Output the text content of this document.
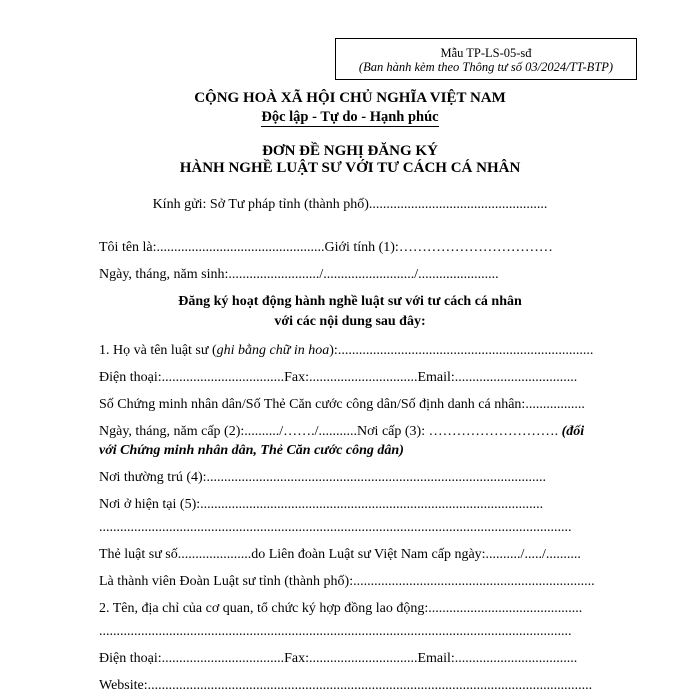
Mẫu TP-LS-05-sđ
(Ban hành kèm theo Thông tư số 03/2024/TT-BTP)
CỘNG HOÀ XÃ HỘI CHỦ NGHĨA VIỆT NAM
Độc lập - Tự do - Hạnh phúc
ĐƠN ĐỀ NGHỊ ĐĂNG KÝ
HÀNH NGHỀ LUẬT SƯ VỚI TƯ CÁCH CÁ NHÂN
Kính gửi: Sở Tư pháp tỉnh (thành phố)...................................................
Tôi tên là:................................................Giới tính (1):……………………………
Ngày, tháng, năm sinh:........................../........................../.......................
Đăng ký hoạt động hành nghề luật sư với tư cách cá nhân
với các nội dung sau đây:
1. Họ và tên luật sư (ghi bằng chữ in hoa):.........................................................................
Điện thoại:...................................Fax:...............................Email:...................................
Số Chứng minh nhân dân/Số Thẻ Căn cước công dân/Số định danh cá nhân:.................
Ngày, tháng, năm cấp (2):........../……./...........Nơi cấp (3): ………………………. (đối
với Chứng minh nhân dân, Thẻ Căn cước công dân)
Nơi thường trú (4):.................................................................................................
Nơi ở hiện tại (5):..................................................................................................
.......................................................................................................................................
Thẻ luật sư số.....................do Liên đoàn Luật sư Việt Nam cấp ngày:........../...../..........
Là thành viên Đoàn Luật sư tỉnh (thành phố):.....................................................................
2. Tên, địa chỉ của cơ quan, tổ chức ký hợp đồng lao động:............................................
.......................................................................................................................................
Điện thoại:...................................Fax:...............................Email:...................................
Website:...............................................................................................................................
